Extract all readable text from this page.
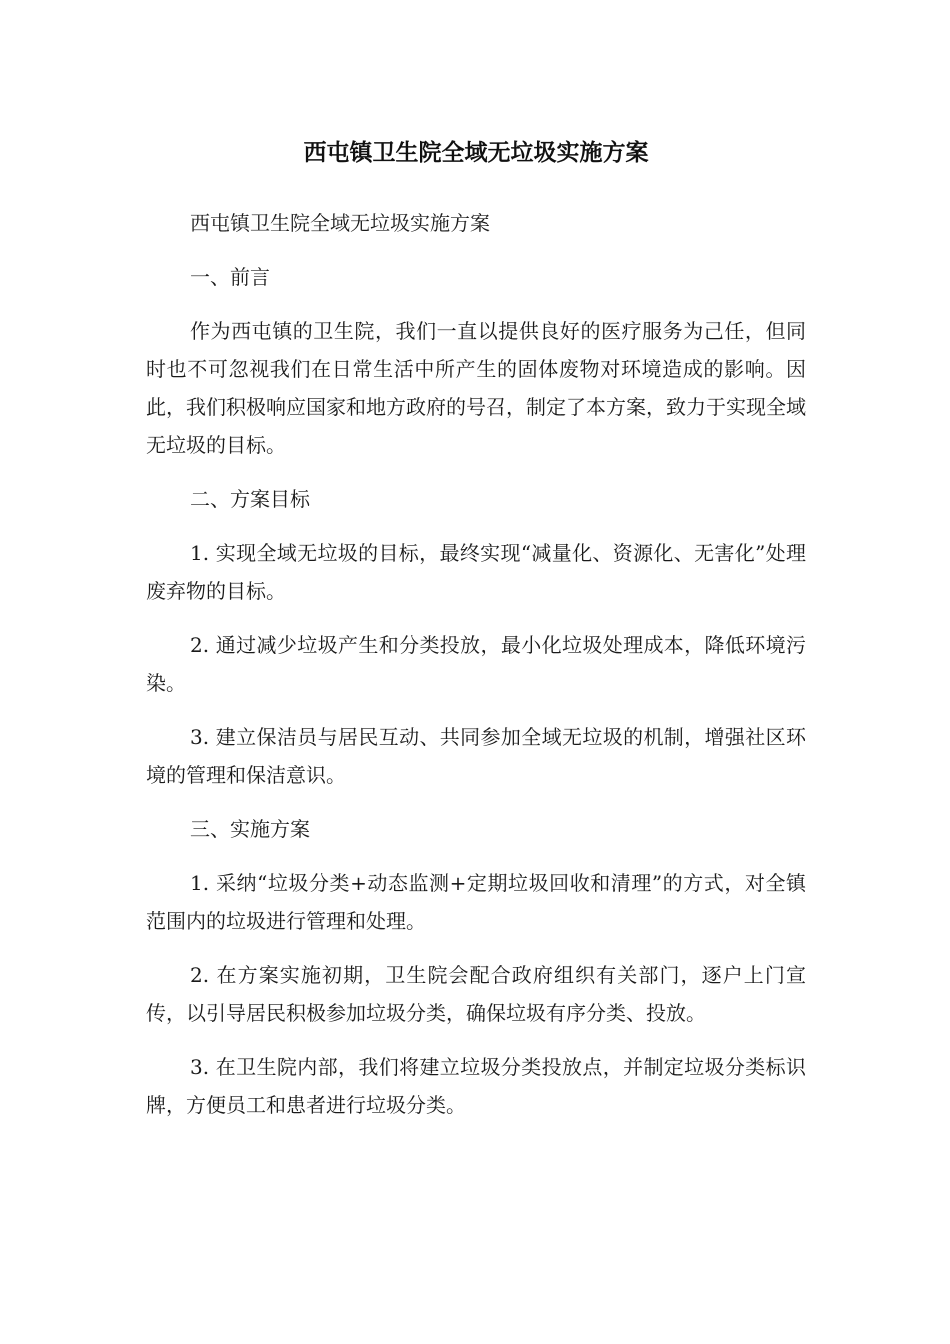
西屯镇卫生院全域无垃圾实施方案

西屯镇卫生院全域无垃圾实施方案

一、前言

作为西屯镇的卫生院，我们一直以提供良好的医疗服务为己任，但同时也不可忽视我们在日常生活中所产生的固体废物对环境造成的影响。因此，我们积极响应国家和地方政府的号召，制定了本方案，致力于实现全域无垃圾的目标。

二、方案目标

1. 实现全域无垃圾的目标，最终实现“减量化、资源化、无害化”处理废弃物的目标。

2. 通过减少垃圾产生和分类投放，最小化垃圾处理成本，降低环境污染。

3. 建立保洁员与居民互动、共同参加全域无垃圾的机制，增强社区环境的管理和保洁意识。

三、实施方案

1. 采纳“垃圾分类+动态监测+定期垃圾回收和清理”的方式，对全镇范围内的垃圾进行管理和处理。

2. 在方案实施初期，卫生院会配合政府组织有关部门，逐户上门宣传，以引导居民积极参加垃圾分类，确保垃圾有序分类、投放。

3. 在卫生院内部，我们将建立垃圾分类投放点，并制定垃圾分类标识牌，方便员工和患者进行垃圾分类。
